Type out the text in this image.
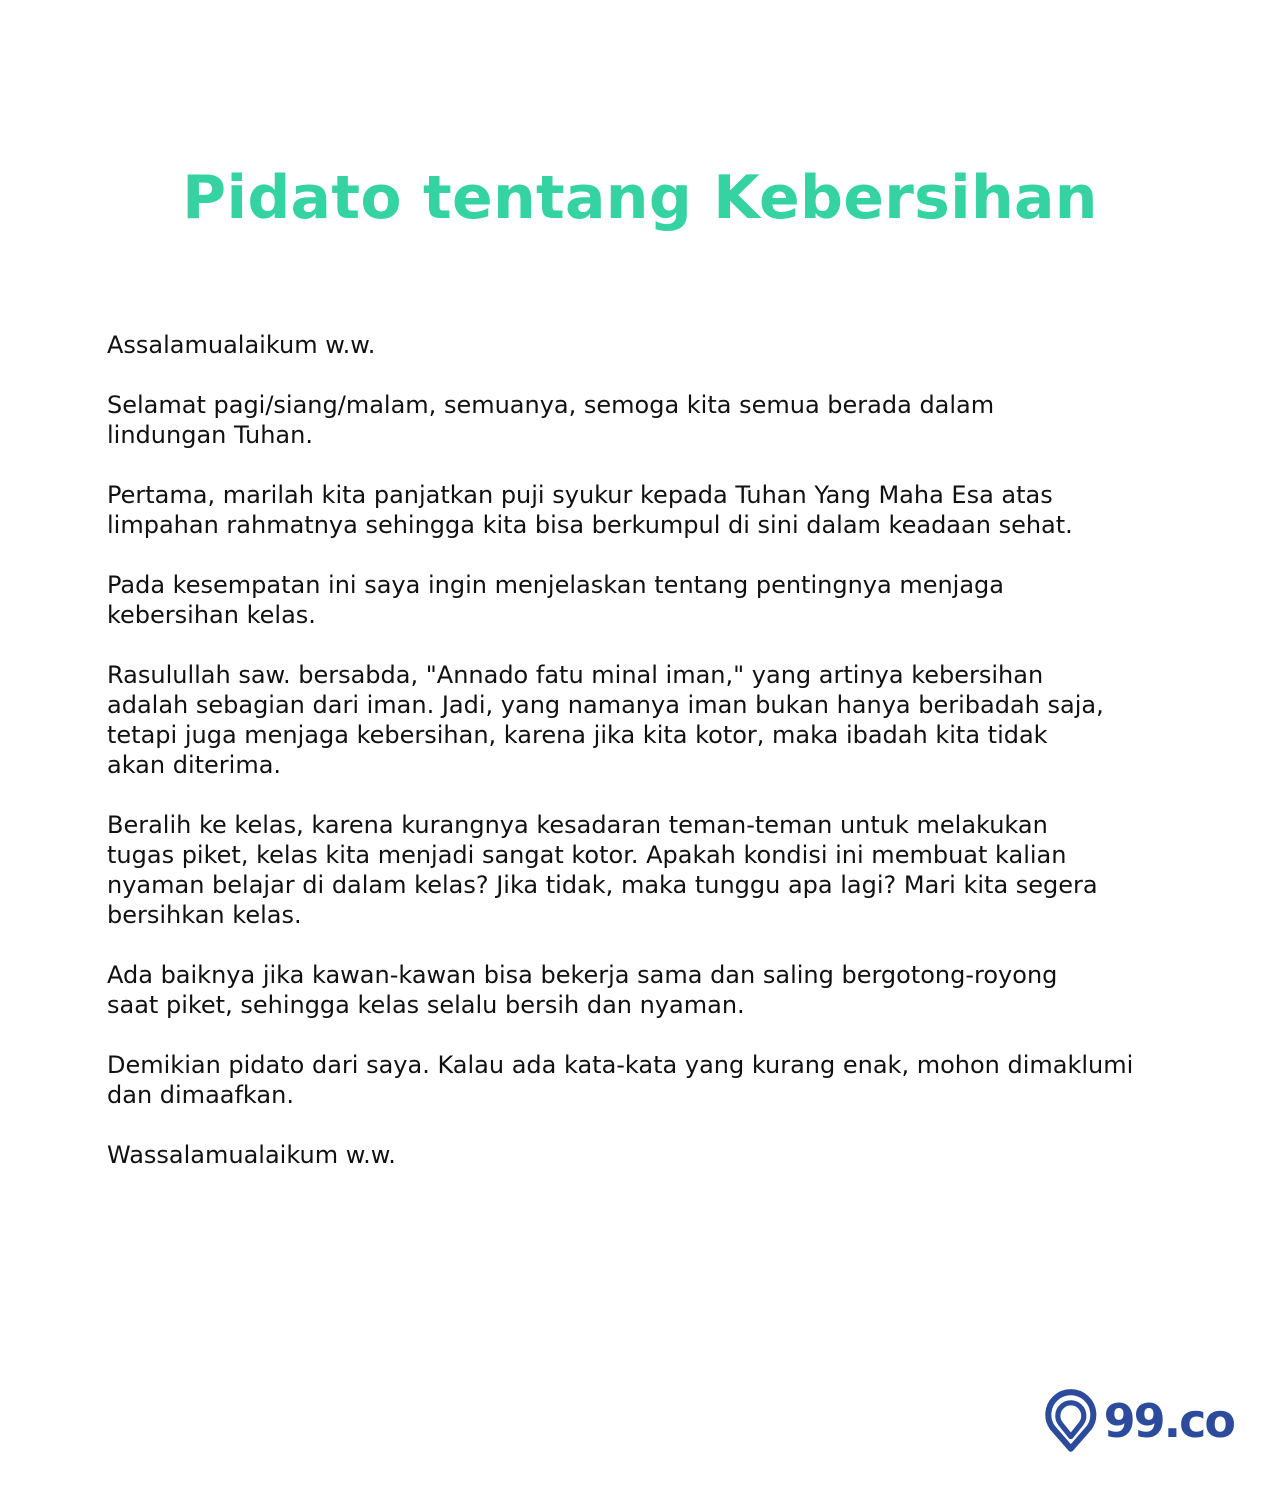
Pidato tentang Kebersihan

Assalamualaikum w.w.

Selamat pagi/siang/malam, semuanya, semoga kita semua berada dalam
lindungan Tuhan.

Pertama, marilah kita panjatkan puji syukur kepada Tuhan Yang Maha Esa atas
limpahan rahmatnya sehingga kita bisa berkumpul di sini dalam keadaan sehat.

Pada kesempatan ini saya ingin menjelaskan tentang pentingnya menjaga
kebersihan kelas.

Rasulullah saw. bersabda, "Annado fatu minal iman," yang artinya kebersihan
adalah sebagian dari iman. Jadi, yang namanya iman bukan hanya beribadah saja,
tetapi juga menjaga kebersihan, karena jika kita kotor, maka ibadah kita tidak
akan diterima.

Beralih ke kelas, karena kurangnya kesadaran teman-teman untuk melakukan
tugas piket, kelas kita menjadi sangat kotor. Apakah kondisi ini membuat kalian
nyaman belajar di dalam kelas? Jika tidak, maka tunggu apa lagi? Mari kita segera
bersihkan kelas.

Ada baiknya jika kawan-kawan bisa bekerja sama dan saling bergotong-royong
saat piket, sehingga kelas selalu bersih dan nyaman.

Demikian pidato dari saya. Kalau ada kata-kata yang kurang enak, mohon dimaklumi
dan dimaafkan.

Wassalamualaikum w.w.

99.co
